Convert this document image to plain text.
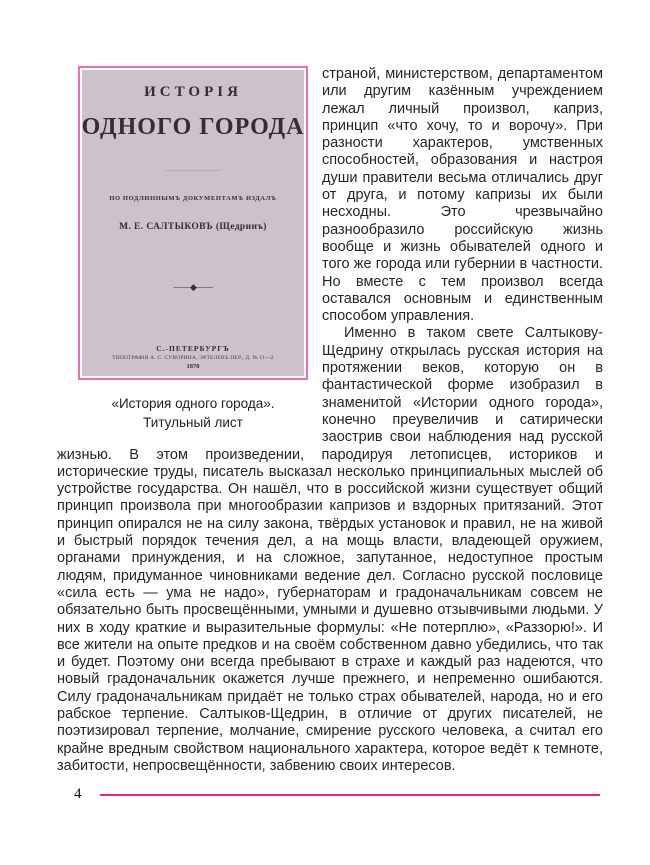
ИСТОРІЯ
ОДНОГО ГОРОДА
ПО ПОДЛИННЫМЪ ДОКУМЕНТАМЪ ИЗДАЛЪ
М. Е. САЛТЫКОВЪ (Щедринъ)
——◆——
С.-ПЕТЕРБУРГЪ
ТИПОГРАФІЯ А. С. СУВОРИНА, ЭРТЕЛЕВЪ ПЕР., Д. № 11—2
1870
«История одного города».
Титульный лист

страной, министерством, департаментом или другим казённым учреждением лежал личный произвол, каприз, принцип «что хочу, то и ворочу». При разности характеров, умственных способностей, образования и настроя души правители весьма отличались друг от друга, и потому капризы их были несходны. Это чрезвычайно разнообразило российскую жизнь вообще и жизнь обывателей одного и того же города или губернии в частности. Но вместе с тем произвол всегда оставался основным и единственным способом управления.

Именно в таком свете Салтыкову-Щедрину открылась русская история на протяжении веков, которую он в фантастической форме изобразил в знаменитой «Истории одного города», конечно преувеличив и сатирически заострив свои наблюдения над русской жизнью. В этом произведении, пародируя летописцев, историков и исторические труды, писатель высказал несколько принципиальных мыслей об устройстве государства. Он нашёл, что в российской жизни существует общий принцип произвола при многообразии капризов и вздорных притязаний. Этот принцип опирался не на силу закона, твёрдых установок и правил, не на живой и быстрый порядок течения дел, а на мощь власти, владеющей оружием, органами принуждения, и на сложное, запутанное, недоступное простым людям, придуманное чиновниками ведение дел. Согласно русской пословице «сила есть — ума не надо», губернаторам и градоначальникам совсем не обязательно быть просвещёнными, умными и душевно отзывчивыми людьми. У них в ходу краткие и выразительные формулы: «Не потерплю», «Раззорю!». И все жители на опыте предков и на своём собственном давно убедились, что так и будет. Поэтому они всегда пребывают в страхе и каждый раз надеются, что новый градоначальник окажется лучше прежнего, и непременно ошибаются. Силу градоначальникам придаёт не только страх обывателей, народа, но и его рабское терпение. Салтыков-Щедрин, в отличие от других писателей, не поэтизировал терпение, молчание, смирение русского человека, а считал его крайне вредным свойством национального характера, которое ведёт к темноте, забитости, непросвещённости, забвению своих интересов.

4
